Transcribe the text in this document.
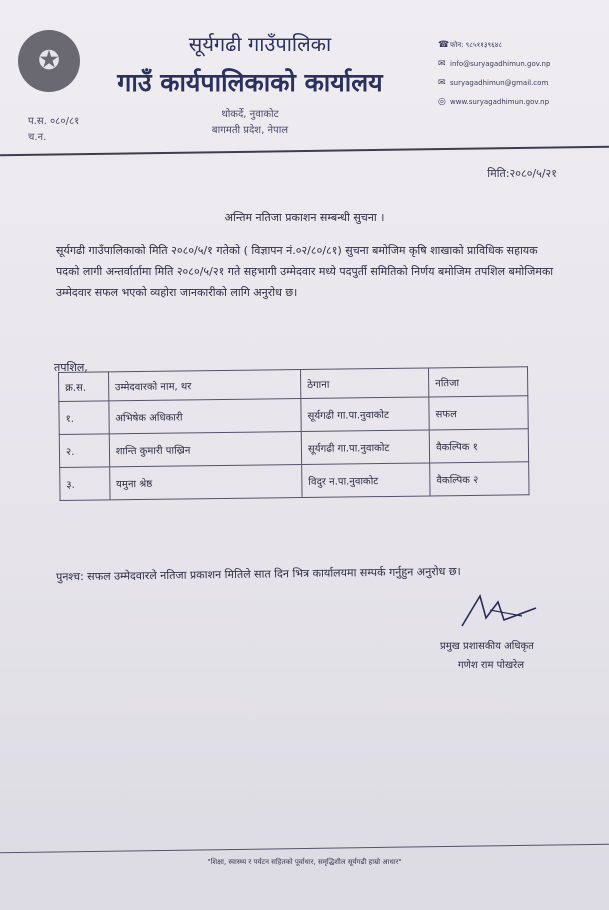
✪
सूर्यगढी गाउँपालिका
गाउँ कार्यपालिकाको कार्यालय
थोकर्दे, नुवाकोट
बागमती प्रदेश, नेपाल
प.स. ०८०/८१
च.न.
☎फोन: ९८५११३९६४८
✉ info@suryagadhimun.gov.np
✉ suryagadhimun@gmail.com
◎ www.suryagadhimun.gov.np
मिति:२०८०/५/२१
अन्तिम नतिजा प्रकाशन सम्बन्धी सुचना ।
सूर्यगढी गाउँपालिकाको मिति २०८०/५/१ गतेको ( विज्ञापन नं.०२/८०/८१) सुचना बमोजिम कृषि शाखाको प्राविधिक सहायक पदको लागी अन्तर्वार्तामा मिति २०८०/५/२१ गते सहभागी उम्मेदवार मध्ये पदपुर्ती समितिको निर्णय बमोजिम तपशिल बमोजिमका उम्मेदवार सफल भएको व्यहोरा जानकारीको लागि अनुरोध छ।
तपशिल,
क्र.स.	उम्मेदवारको नाम, थर	ठेगाना	नतिजा
१.	अभिषेक अधिकारी	सूर्यगढी गा.पा.नुवाकोट	सफल
२.	शान्ति कुमारी पाख्रिन	सूर्यगढी गा.पा.नुवाकोट	वैकल्पिक १
३.	यमुना श्रेष्ठ	विदुर न.पा.नुवाकोट	वैकल्पिक २
पुनश्च: सफल उम्मेदवारले नतिजा प्रकाशन मितिले सात दिन भित्र कार्यालयमा सम्पर्क गर्नुहुन अनुरोध छ।
प्रमुख प्रशासकीय अधिकृत
गणेश राम पोखरेल
"शिक्षा, स्वास्थ्य र पर्यटन सहितको पूर्वाधार, समृद्धिशील सूर्यगढी हाम्रो आधार"
